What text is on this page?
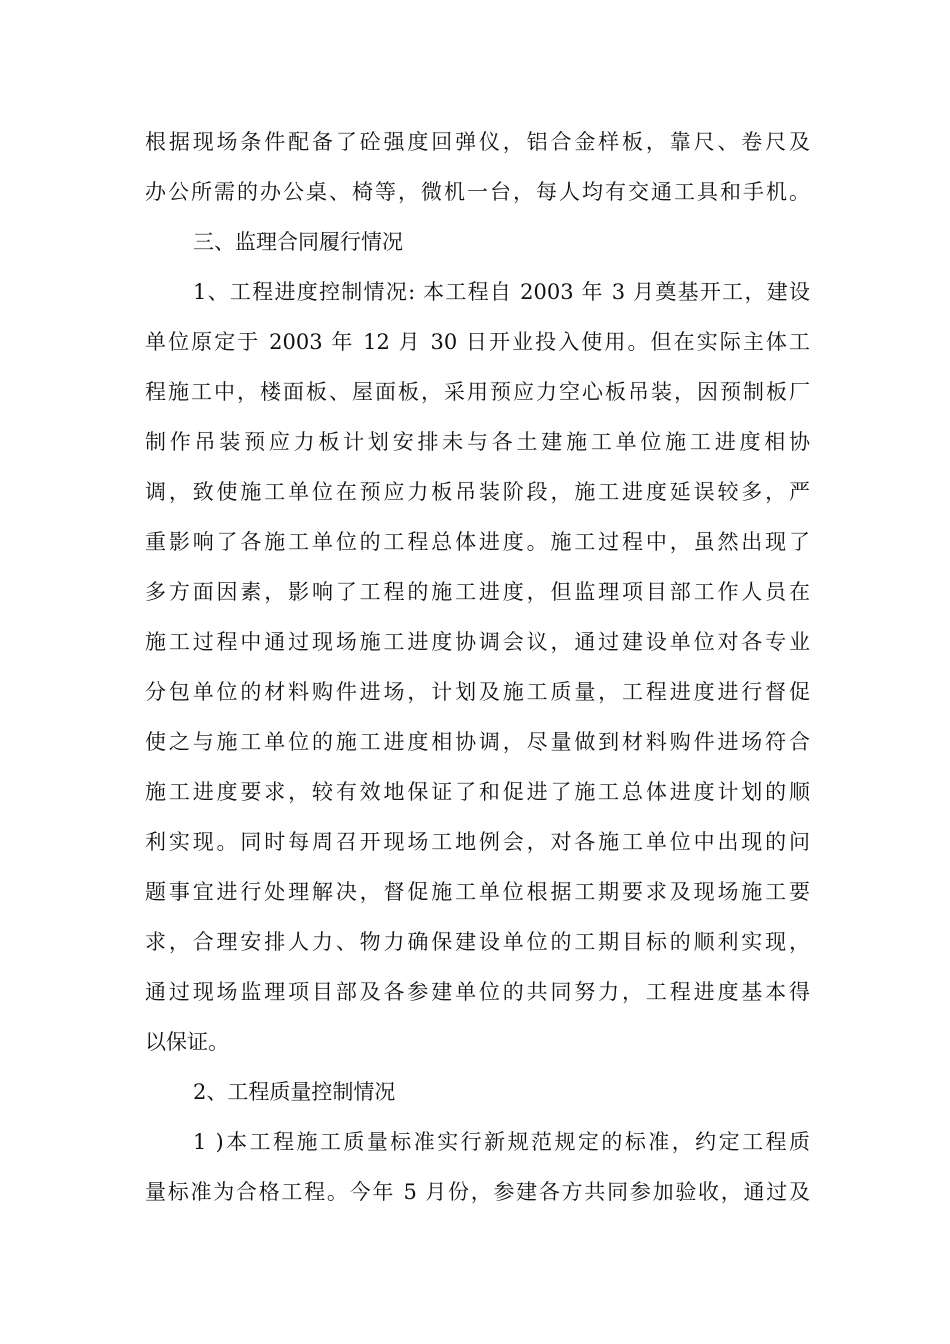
根据现场条件配备了砼强度回弹仪，铝合金样板，靠尺、卷尺及
办公所需的办公桌、椅等，微机一台，每人均有交通工具和手机。
三、监理合同履行情况
1、工程进度控制情况: 本工程自 2003 年 3 月奠基开工，建设
单位原定于 2003 年 12 月 30 日开业投入使用。但在实际主体工
程施工中，楼面板、屋面板，采用预应力空心板吊装，因预制板厂
制作吊装预应力板计划安排未与各土建施工单位施工进度相协
调，致使施工单位在预应力板吊装阶段，施工进度延误较多，严
重影响了各施工单位的工程总体进度。施工过程中，虽然出现了
多方面因素，影响了工程的施工进度，但监理项目部工作人员在
施工过程中通过现场施工进度协调会议，通过建设单位对各专业
分包单位的材料购件进场，计划及施工质量，工程进度进行督促
使之与施工单位的施工进度相协调，尽量做到材料购件进场符合
施工进度要求，较有效地保证了和促进了施工总体进度计划的顺
利实现。同时每周召开现场工地例会，对各施工单位中出现的问
题事宜进行处理解决，督促施工单位根据工期要求及现场施工要
求，合理安排人力、物力确保建设单位的工期目标的顺利实现，
通过现场监理项目部及各参建单位的共同努力，工程进度基本得
以保证。
2、工程质量控制情况
1 )本工程施工质量标准实行新规范规定的标准，约定工程质
量标准为合格工程。今年 5 月份，参建各方共同参加验收，通过及
